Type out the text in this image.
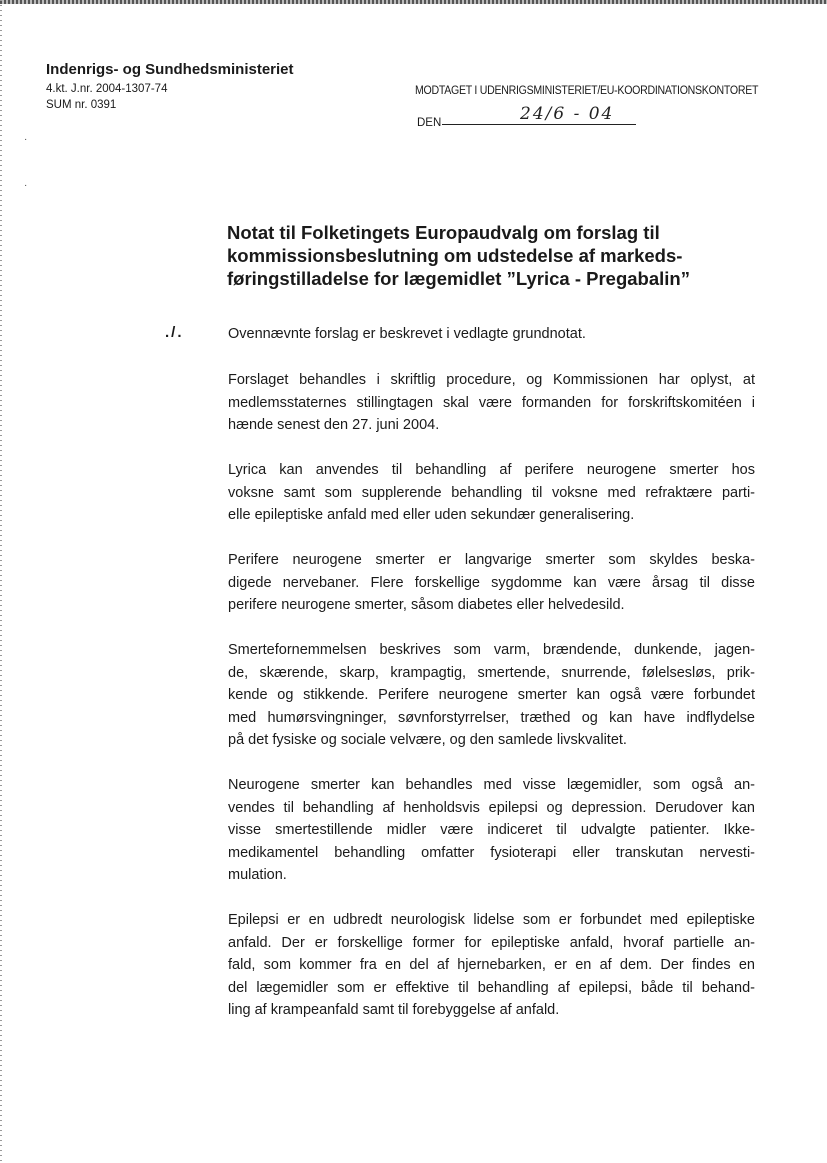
Indenrigs- og Sundhedsministeriet
4.kt. J.nr. 2004-1307-74
SUM nr. 0391
MODTAGET I UDENRIGSMINISTERIET/EU-KOORDINATIONSKONTORET
DEN	24/6 - 04
·
·
Notat til Folketingets Europaudvalg om forslag til
kommissionsbeslutning om udstedelse af markeds-
føringstilladelse for lægemidlet ”Lyrica - Pregabalin”
./.	Ovennævnte forslag er beskrevet i vedlagte grundnotat.

Forslaget behandles i skriftlig procedure, og Kommissionen har oplyst, at
medlemsstaternes stillingtagen skal være formanden for forskriftskomitéen i
hænde senest den 27. juni 2004.

Lyrica kan anvendes til behandling af perifere neurogene smerter hos
voksne samt som supplerende behandling til voksne med refraktære parti-
elle epileptiske anfald med eller uden sekundær generalisering.

Perifere neurogene smerter er langvarige smerter som skyldes beska-
digede nervebaner. Flere forskellige sygdomme kan være årsag til disse
perifere neurogene smerter, såsom diabetes eller helvedesild.

Smertefornemmelsen beskrives som varm, brændende, dunkende, jagen-
de, skærende, skarp, krampagtig, smertende, snurrende, følelsesløs, prik-
kende og stikkende. Perifere neurogene smerter kan også være forbundet
med humørsvingninger, søvnforstyrrelser, træthed og kan have indflydelse
på det fysiske og sociale velvære, og den samlede livskvalitet.

Neurogene smerter kan behandles med visse lægemidler, som også an-
vendes til behandling af henholdsvis epilepsi og depression. Derudover kan
visse smertestillende midler være indiceret til udvalgte patienter. Ikke-
medikamentel behandling omfatter fysioterapi eller transkutan nervesti-
mulation.

Epilepsi er en udbredt neurologisk lidelse som er forbundet med epileptiske
anfald. Der er forskellige former for epileptiske anfald, hvoraf partielle an-
fald, som kommer fra en del af hjernebarken, er en af dem. Der findes en
del lægemidler som er effektive til behandling af epilepsi, både til behand-
ling af krampeanfald samt til forebyggelse af anfald.
